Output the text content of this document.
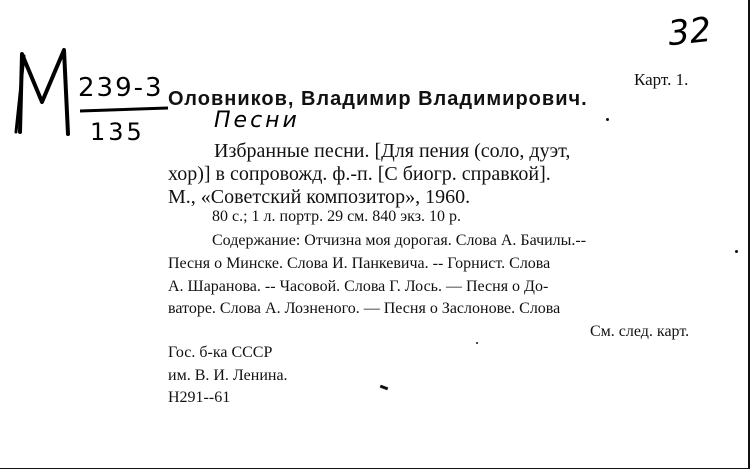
32
239-3
135
Карт. 1.
Оловников, Владимир Владимирович.
Песни
Избранные песни. [Для пения (соло, дуэт,
хор)] в сопровожд. ф.-п. [С биогр. справкой].
М., «Советский композитор», 1960.
80 с.; 1 л. портр. 29 см. 840 экз. 10 р.
Содержание: Отчизна моя дорогая. Слова А. Бачилы.--
Песня о Минске. Слова И. Панкевича. -- Горнист. Слова
А. Шаранова. -- Часовой. Слова Г. Лось. — Песня о До-
ваторе. Слова А. Лозненого. — Песня о Заслонове. Слова
См. след. карт.
Гос. б-ка СССР
им. В. И. Ленина.
Н291--61
